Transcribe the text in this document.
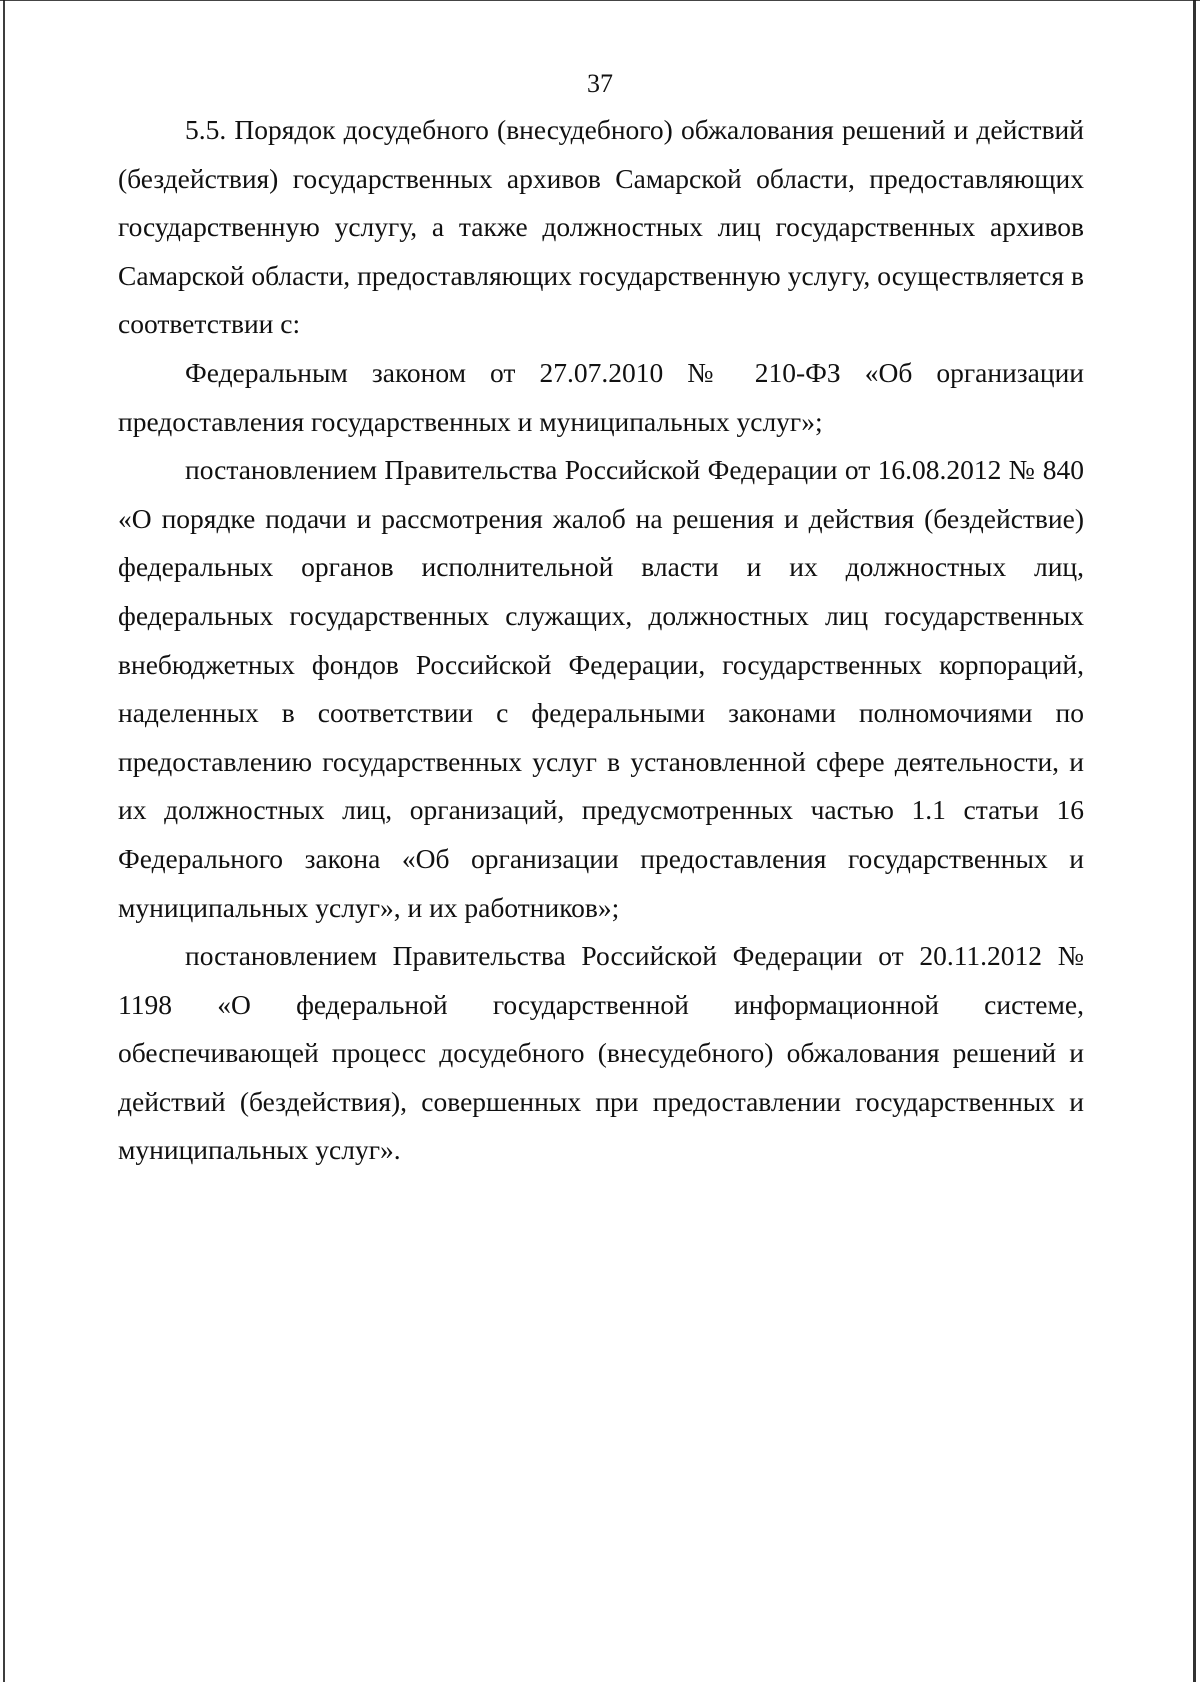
37

5.5. Порядок досудебного (внесудебного) обжалования решений и действий (бездействия) государственных архивов Самарской области, предоставляющих государственную услугу, а также должностных лиц государственных архивов Самарской области, предоставляющих государственную услугу, осуществляется в соответствии с:

Федеральным законом от 27.07.2010 № 210-ФЗ «Об организации предоставления государственных и муниципальных услуг»;

постановлением Правительства Российской Федерации от 16.08.2012 № 840 «О порядке подачи и рассмотрения жалоб на решения и действия (бездействие) федеральных органов исполнительной власти и их должностных лиц, федеральных государственных служащих, должностных лиц государственных внебюджетных фондов Российской Федерации, государственных корпораций, наделенных в соответствии с федеральными законами полномочиями по предоставлению государственных услуг в установленной сфере деятельности, и их должностных лиц, организаций, предусмотренных частью 1.1 статьи 16 Федерального закона «Об организации предоставления государственных и муниципальных услуг», и их работников»;

постановлением Правительства Российской Федерации от 20.11.2012 № 1198 «О федеральной государственной информационной системе, обеспечивающей процесс досудебного (внесудебного) обжалования решений и действий (бездействия), совершенных при предоставлении государственных и муниципальных услуг».
